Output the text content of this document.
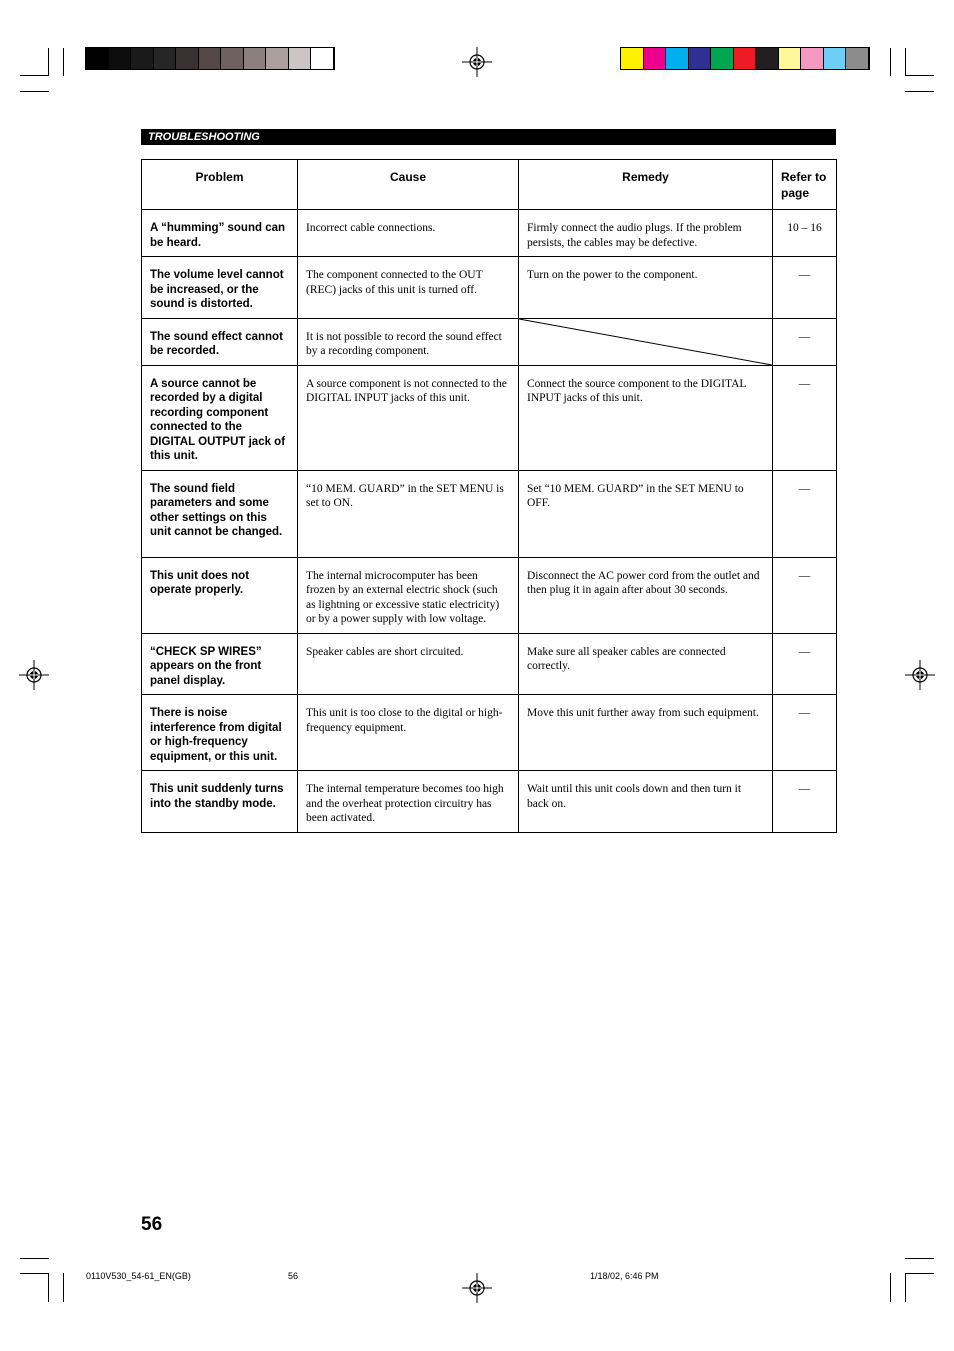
TROUBLESHOOTING
Problem	Cause	Remedy	Refer to page
A “humming” sound can be heard.	Incorrect cable connections.	Firmly connect the audio plugs. If the problem persists, the cables may be defective.	10 – 16
The volume level cannot be increased, or the sound is distorted.	The component connected to the OUT (REC) jacks of this unit is turned off.	Turn on the power to the component.	—
The sound effect cannot be recorded.	It is not possible to record the sound effect by a recording component.		—
A source cannot be recorded by a digital recording component connected to the DIGITAL OUTPUT jack of this unit.	A source component is not connected to the DIGITAL INPUT jacks of this unit.	Connect the source component to the DIGITAL INPUT jacks of this unit.	—
The sound field parameters and some other settings on this unit cannot be changed.	“10 MEM. GUARD” in the SET MENU is set to ON.	Set “10 MEM. GUARD” in the SET MENU to OFF.	—
This unit does not operate properly.	The internal microcomputer has been frozen by an external electric shock (such as lightning or excessive static electricity) or by a power supply with low voltage.	Disconnect the AC power cord from the outlet and then plug it in again after about 30 seconds.	—
“CHECK SP WIRES” appears on the front panel display.	Speaker cables are short circuited.	Make sure all speaker cables are connected correctly.	—
There is noise interference from digital or high-frequency equipment, or this unit.	This unit is too close to the digital or high-frequency equipment.	Move this unit further away from such equipment.	—
This unit suddenly turns into the standby mode.	The internal temperature becomes too high and the overheat protection circuitry has been activated.	Wait until this unit cools down and then turn it back on.	—
56
0110V530_54-61_EN(GB)	56	1/18/02, 6:46 PM
